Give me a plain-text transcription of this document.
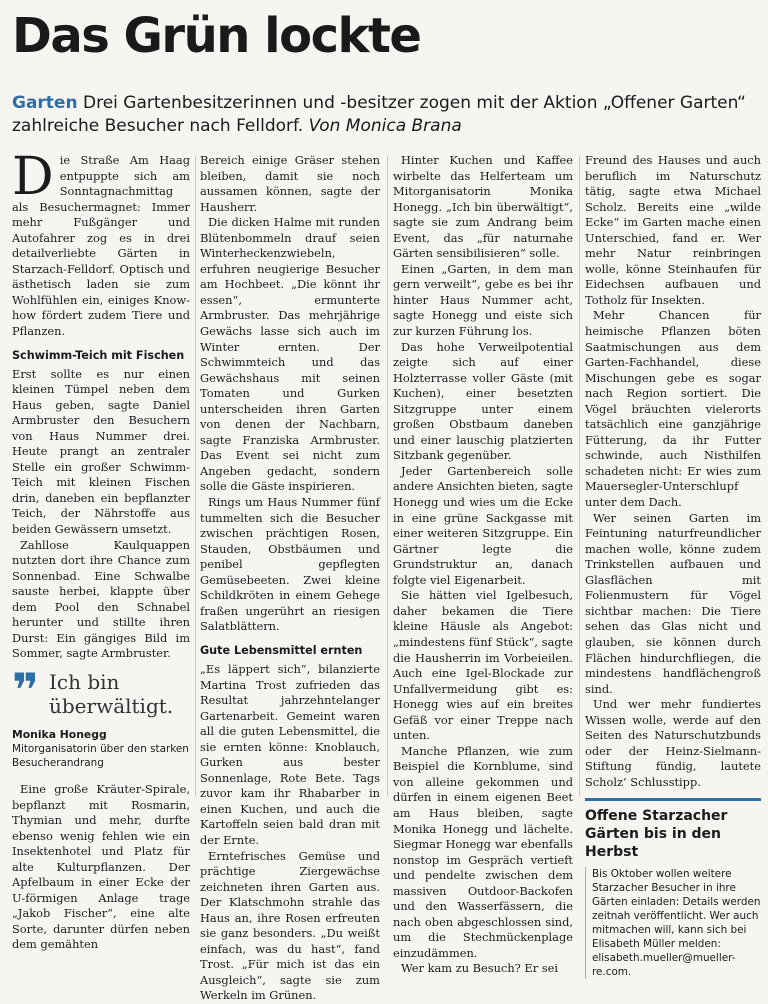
Das Grün lockte
Garten Drei Gartenbesitzerinnen und -besitzer zogen mit der Aktion „Offener Garten“ zahlreiche Besucher nach Felldorf. Von Monica Brana

Die Straße Am Haag entpuppte sich am Sonntagnachmittag als Besuchermagnet: Immer mehr Fußgänger und Autofahrer zog es in drei detailverliebte Gärten in Starzach-Felldorf. Optisch und ästhetisch laden sie zum Wohlfühlen ein, einiges Know-how fördert zudem Tiere und Pflanzen.

Schwimm-Teich mit Fischen

Erst sollte es nur einen kleinen Tümpel neben dem Haus geben, sagte Daniel Armbruster den Besuchern von Haus Nummer drei. Heute prangt an zentraler Stelle ein großer Schwimm-Teich mit kleinen Fischen drin, daneben ein bepflanzter Teich, der Nährstoffe aus beiden Gewässern umsetzt.

Zahllose Kaulquappen nutzten dort ihre Chance zum Sonnenbad. Eine Schwalbe sauste herbei, klappte über dem Pool den Schnabel herunter und stillte ihren Durst: Ein gängiges Bild im Sommer, sagte Armbruster.

❞ Ich bin überwältigt.
Monika Honegg
Mitorganisatorin über den starken Besucherandrang

Eine große Kräuter-Spirale, bepflanzt mit Rosmarin, Thymian und mehr, durfte ebenso wenig fehlen wie ein Insektenhotel und Platz für alte Kulturpflanzen. Der Apfelbaum in einer Ecke der U-förmigen Anlage trage „Jakob Fischer“, eine alte Sorte, darunter dürfen neben dem gemähten

Bereich einige Gräser stehen bleiben, damit sie noch aussamen können, sagte der Hausherr.

Die dicken Halme mit runden Blütenbommeln drauf seien Winterheckenzwiebeln, erfuhren neugierige Besucher am Hochbeet. „Die könnt ihr essen“, ermunterte Armbruster. Das mehrjährige Gewächs lasse sich auch im Winter ernten. Der Schwimmteich und das Gewächshaus mit seinen Tomaten und Gurken unterscheiden ihren Garten von denen der Nachbarn, sagte Franziska Armbruster. Das Event sei nicht zum Angeben gedacht, sondern solle die Gäste inspirieren.

Rings um Haus Nummer fünf tummelten sich die Besucher zwischen prächtigen Rosen, Stauden, Obstbäumen und penibel gepflegten Gemüsebeeten. Zwei kleine Schildkröten in einem Gehege fraßen ungerührt an riesigen Salatblättern.

Gute Lebensmittel ernten

„Es läppert sich“, bilanzierte Martina Trost zufrieden das Resultat jahrzehntelanger Gartenarbeit. Gemeint waren all die guten Lebensmittel, die sie ernten könne: Knoblauch, Gurken aus bester Sonnenlage, Rote Bete. Tags zuvor kam ihr Rhabarber in einen Kuchen, und auch die Kartoffeln seien bald dran mit der Ernte.

Erntefrisches Gemüse und prächtige Ziergewächse zeichneten ihren Garten aus. Der Klatschmohn strahle das Haus an, ihre Rosen erfreuten sie ganz besonders. „Du weißt einfach, was du hast“, fand Trost. „Für mich ist das ein Ausgleich“, sagte sie zum Werkeln im Grünen.

Hinter Kuchen und Kaffee wirbelte das Helferteam um Mitorganisatorin Monika Honegg. „Ich bin überwältigt“, sagte sie zum Andrang beim Event, das „für naturnahe Gärten sensibilisieren“ solle.

Einen „Garten, in dem man gern verweilt“, gebe es bei ihr hinter Haus Nummer acht, sagte Honegg und eiste sich zur kurzen Führung los.

Das hohe Verweilpotential zeigte sich auf einer Holzterrasse voller Gäste (mit Kuchen), einer besetzten Sitzgruppe unter einem großen Obstbaum daneben und einer lauschig platzierten Sitzbank gegenüber.

Jeder Gartenbereich solle andere Ansichten bieten, sagte Honegg und wies um die Ecke in eine grüne Sackgasse mit einer weiteren Sitzgruppe. Ein Gärtner legte die Grundstruktur an, danach folgte viel Eigenarbeit.

Sie hätten viel Igelbesuch, daher bekamen die Tiere kleine Häusle als Angebot: „mindestens fünf Stück“, sagte die Hausherrin im Vorbeieilen. Auch eine Igel-Blockade zur Unfallvermeidung gibt es: Honegg wies auf ein breites Gefäß vor einer Treppe nach unten.

Manche Pflanzen, wie zum Beispiel die Kornblume, sind von alleine gekommen und dürfen in einem eigenen Beet am Haus bleiben, sagte Monika Honegg und lächelte. Siegmar Honegg war ebenfalls nonstop im Gespräch vertieft und pendelte zwischen dem massiven Outdoor-Backofen und den Wasserfässern, die nach oben abgeschlossen sind, um die Stechmückenplage einzudämmen.

Wer kam zu Besuch? Er sei

Freund des Hauses und auch beruflich im Naturschutz tätig, sagte etwa Michael Scholz. Bereits eine „wilde Ecke“ im Garten mache einen Unterschied, fand er. Wer mehr Natur reinbringen wolle, könne Steinhaufen für Eidechsen aufbauen und Totholz für Insekten.

Mehr Chancen für heimische Pflanzen böten Saatmischungen aus dem Garten-Fachhandel, diese Mischungen gebe es sogar nach Region sortiert. Die Vögel bräuchten vielerorts tatsächlich eine ganzjährige Fütterung, da ihr Futter schwinde, auch Nisthilfen schadeten nicht: Er wies zum Mauersegler-Unterschlupf unter dem Dach.

Wer seinen Garten im Feintuning naturfreundlicher machen wolle, könne zudem Trinkstellen aufbauen und Glasflächen mit Folienmustern für Vögel sichtbar machen: Die Tiere sehen das Glas nicht und glauben, sie können durch Flächen hindurchfliegen, die mindestens handflächengroß sind.

Und wer mehr fundiertes Wissen wolle, werde auf den Seiten des Naturschutzbunds oder der Heinz-Sielmann-Stiftung fündig, lautete Scholz’ Schlusstipp.

Offene Starzacher Gärten bis in den Herbst
Bis Oktober wollen weitere Starzacher Besucher in ihre Gärten einladen: Details werden zeitnah veröffentlicht. Wer auch mitmachen will, kann sich bei Elisabeth Müller melden: elisabeth.mueller@mueller-re.com.
